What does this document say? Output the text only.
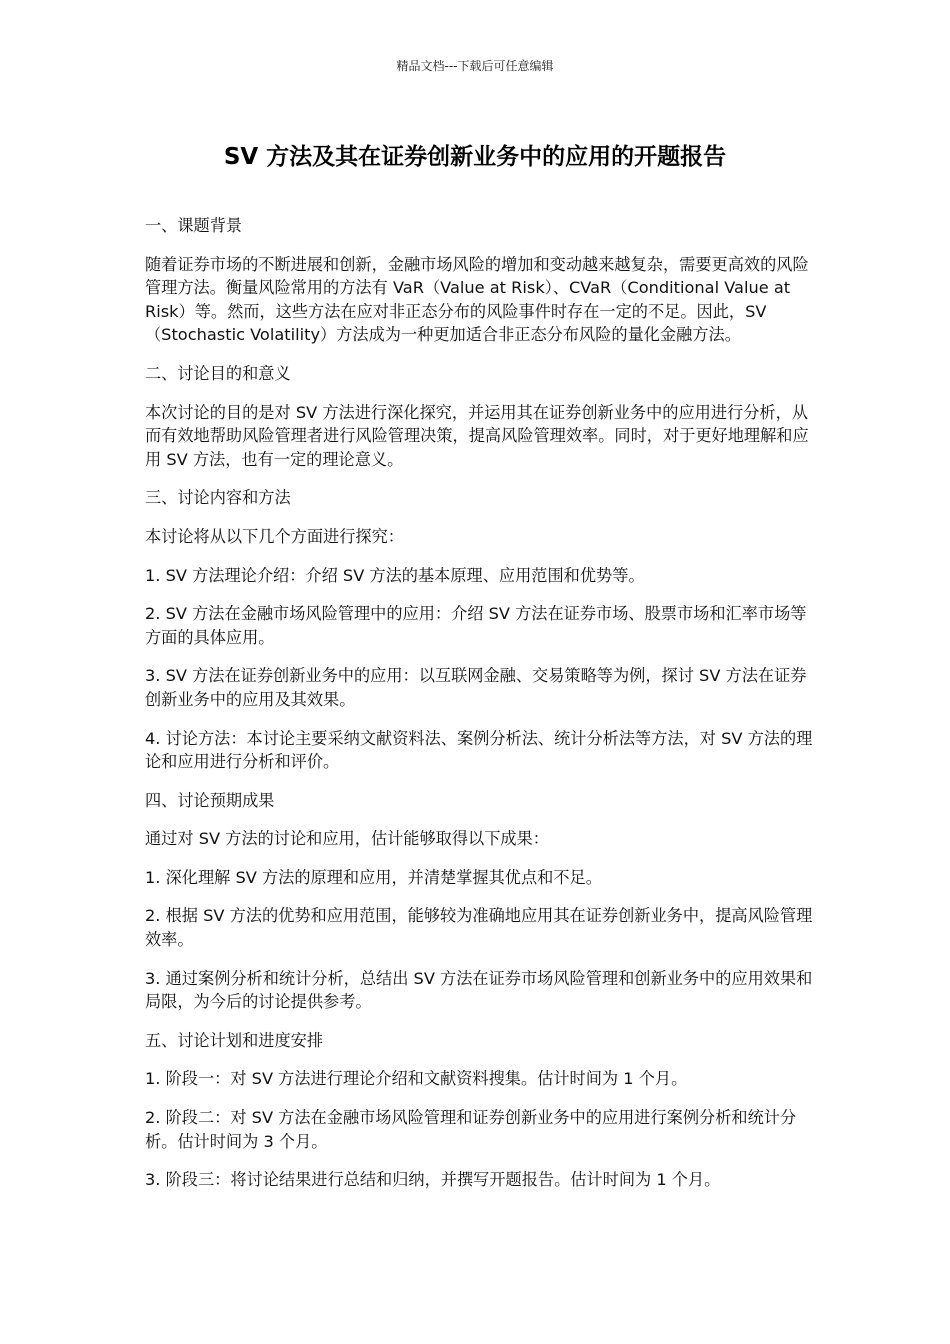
精品文档---下载后可任意编辑
SV 方法及其在证券创新业务中的应用的开题报告
一、课题背景
随着证券市场的不断进展和创新，金融市场风险的增加和变动越来越复杂，需要更高效的风险管理方法。衡量风险常用的方法有 VaR（Value at Risk）、CVaR（Conditional Value at Risk）等。然而，这些方法在应对非正态分布的风险事件时存在一定的不足。因此，SV（Stochastic Volatility）方法成为一种更加适合非正态分布风险的量化金融方法。
二、讨论目的和意义
本次讨论的目的是对 SV 方法进行深化探究，并运用其在证券创新业务中的应用进行分析，从而有效地帮助风险管理者进行风险管理决策，提高风险管理效率。同时，对于更好地理解和应用 SV 方法，也有一定的理论意义。
三、讨论内容和方法
本讨论将从以下几个方面进行探究：
1. SV 方法理论介绍：介绍 SV 方法的基本原理、应用范围和优势等。
2. SV 方法在金融市场风险管理中的应用：介绍 SV 方法在证券市场、股票市场和汇率市场等方面的具体应用。
3. SV 方法在证券创新业务中的应用：以互联网金融、交易策略等为例，探讨 SV 方法在证券创新业务中的应用及其效果。
4. 讨论方法：本讨论主要采纳文献资料法、案例分析法、统计分析法等方法，对 SV 方法的理论和应用进行分析和评价。
四、讨论预期成果
通过对 SV 方法的讨论和应用，估计能够取得以下成果：
1. 深化理解 SV 方法的原理和应用，并清楚掌握其优点和不足。
2. 根据 SV 方法的优势和应用范围，能够较为准确地应用其在证券创新业务中，提高风险管理效率。
3. 通过案例分析和统计分析，总结出 SV 方法在证券市场风险管理和创新业务中的应用效果和局限，为今后的讨论提供参考。
五、讨论计划和进度安排
1. 阶段一：对 SV 方法进行理论介绍和文献资料搜集。估计时间为 1 个月。
2. 阶段二：对 SV 方法在金融市场风险管理和证券创新业务中的应用进行案例分析和统计分析。估计时间为 3 个月。
3. 阶段三：将讨论结果进行总结和归纳，并撰写开题报告。估计时间为 1 个月。
